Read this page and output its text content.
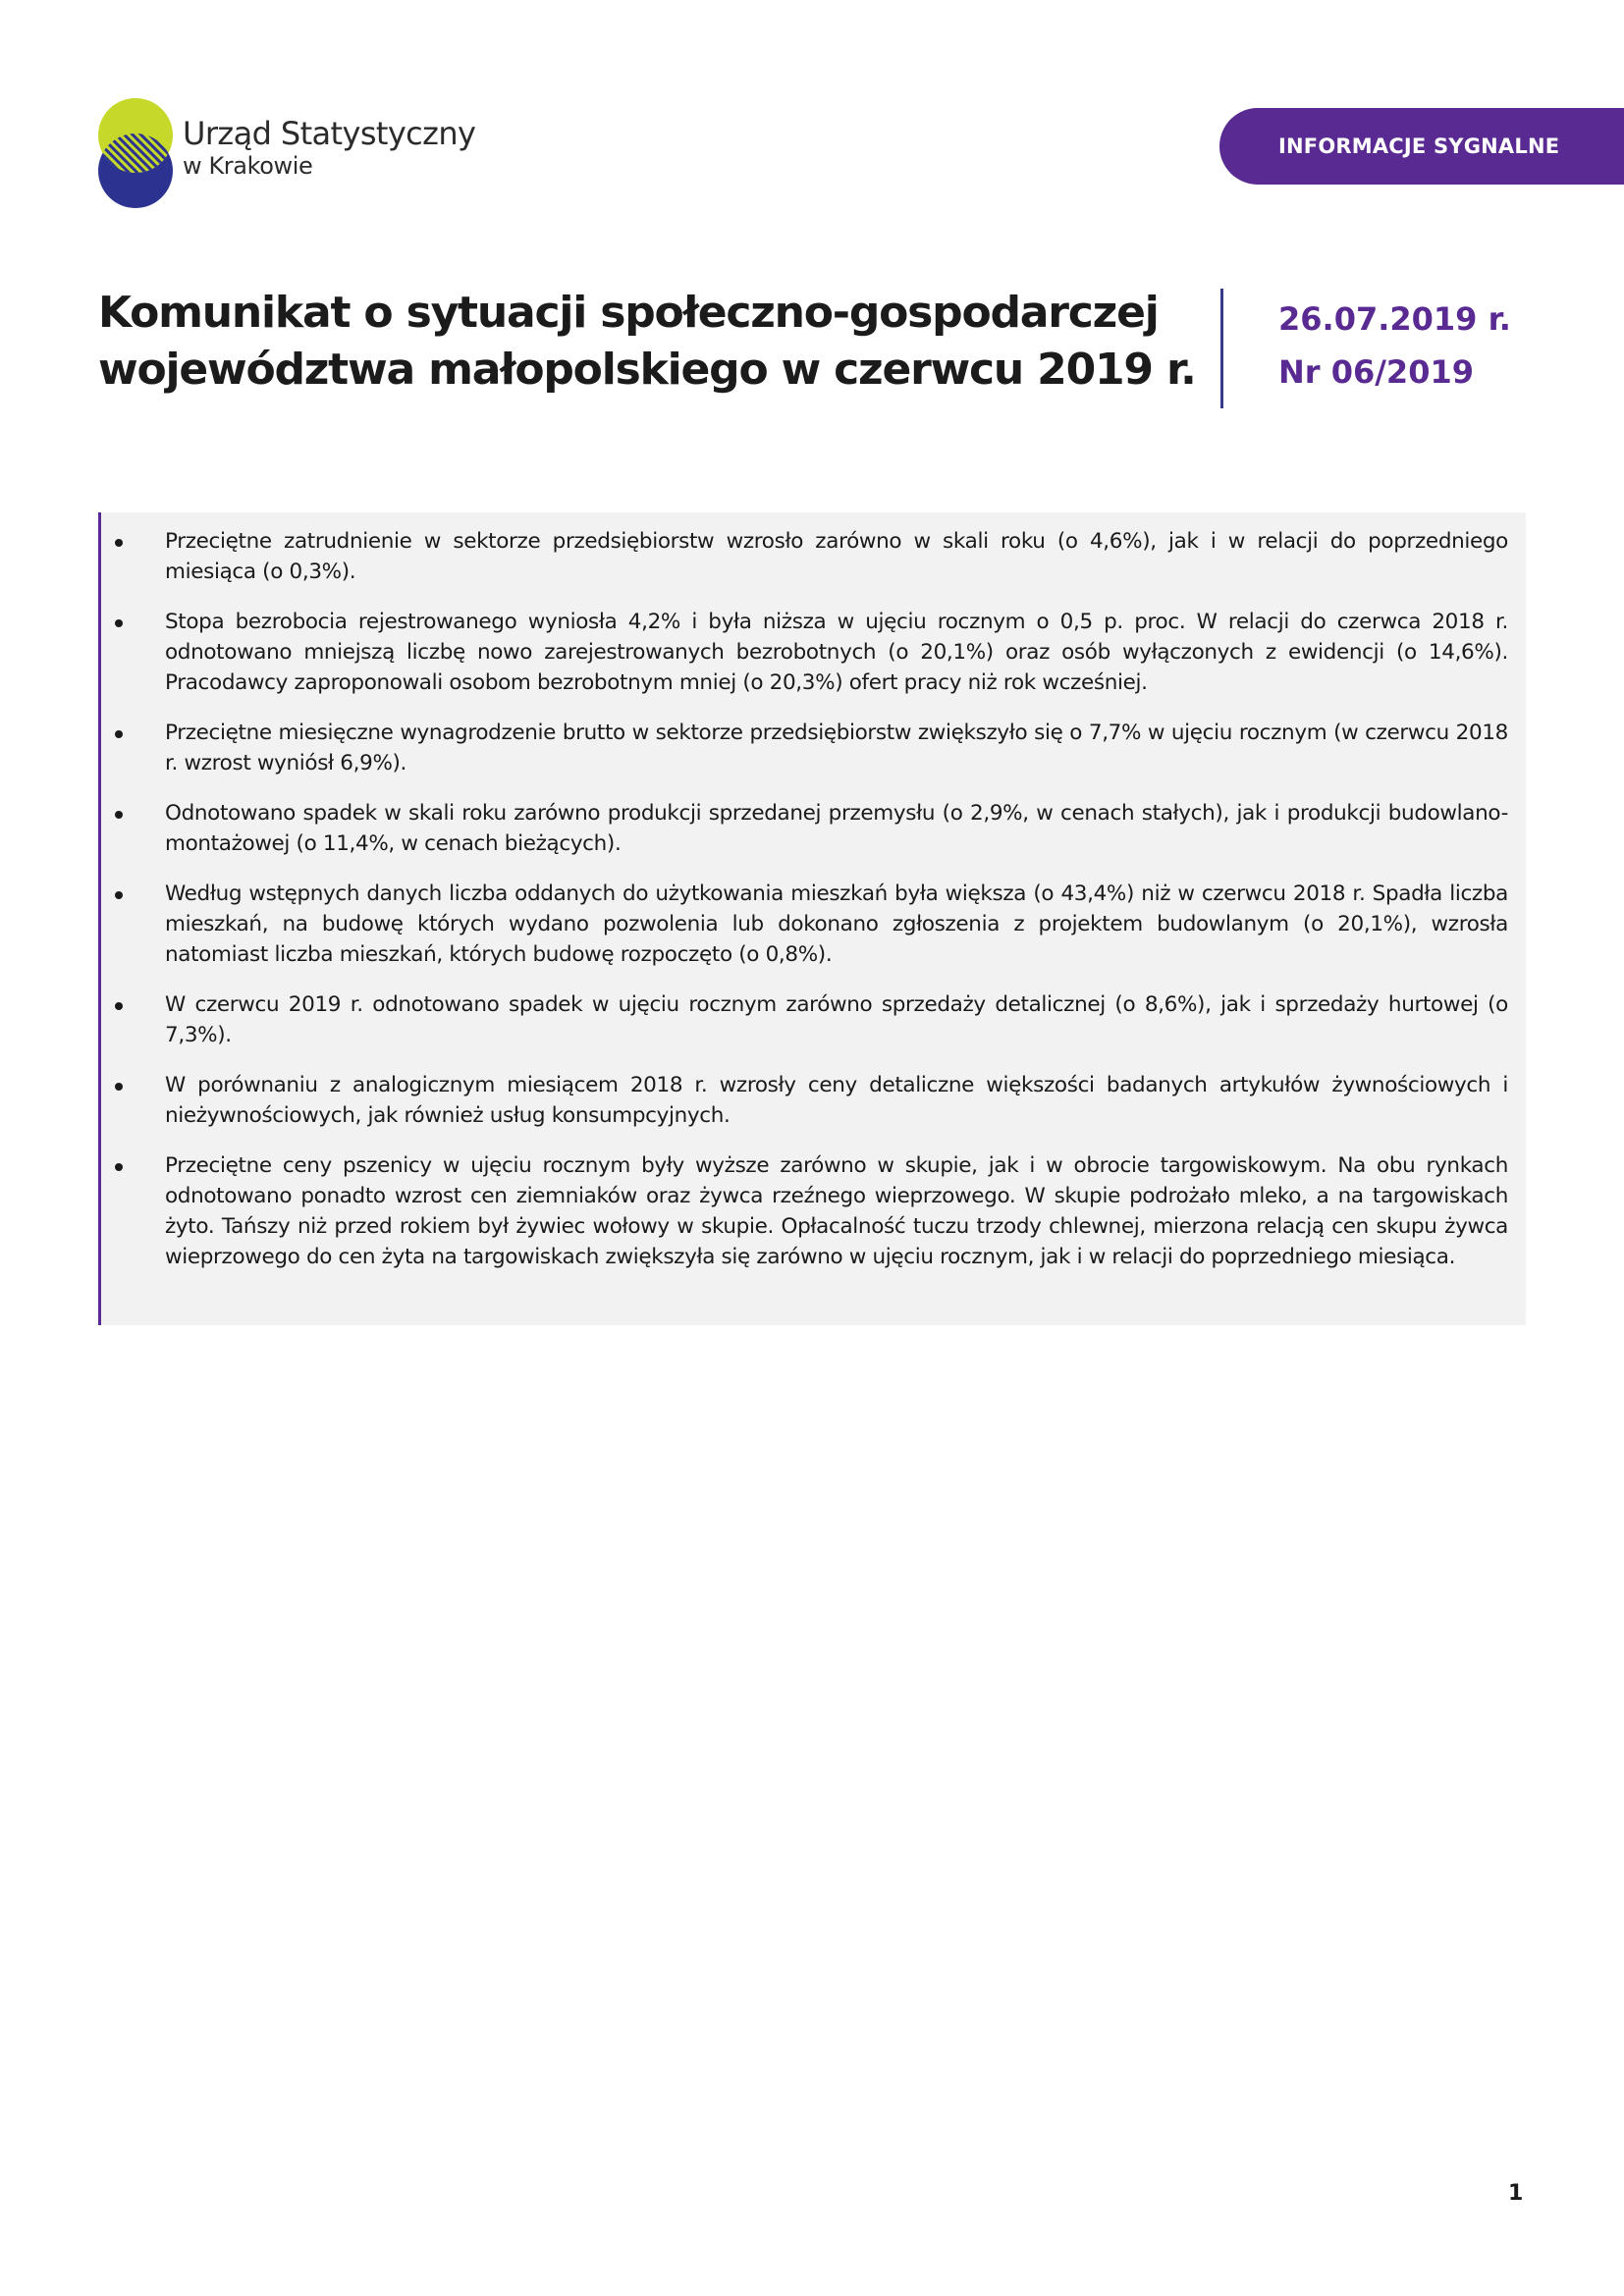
Urząd Statystyczny
w Krakowie
INFORMACJE SYGNALNE
Komunikat o sytuacji społeczno-gospodarczej
województwa małopolskiego w czerwcu 2019 r.
26.07.2019 r.
Nr 06/2019
Przeciętne zatrudnienie w sektorze przedsiębiorstw wzrosło zarówno w skali roku (o 4,6%), jak i w relacji do poprzedniego miesiąca (o 0,3%).
Stopa bezrobocia rejestrowanego wyniosła 4,2% i była niższa w ujęciu rocznym o 0,5 p. proc. W relacji do czerwca 2018 r. odnotowano mniejszą liczbę nowo zarejestrowanych bezrobotnych (o 20,1%) oraz osób wyłączonych z ewidencji (o 14,6%). Pracodawcy zaproponowali osobom bezrobotnym mniej (o 20,3%) ofert pracy niż rok wcześniej.
Przeciętne miesięczne wynagrodzenie brutto w sektorze przedsiębiorstw zwiększyło się o 7,7% w ujęciu rocznym (w czerwcu 2018 r. wzrost wyniósł 6,9%).
Odnotowano spadek w skali roku zarówno produkcji sprzedanej przemysłu (o 2,9%, w cenach stałych), jak i produkcji budowlano-montażowej (o 11,4%, w cenach bieżących).
Według wstępnych danych liczba oddanych do użytkowania mieszkań była większa (o 43,4%) niż w czerwcu 2018 r. Spadła liczba mieszkań, na budowę których wydano pozwolenia lub dokonano zgłoszenia z projektem budowlanym (o 20,1%), wzrosła natomiast liczba mieszkań, których budowę rozpoczęto (o 0,8%).
W czerwcu 2019 r. odnotowano spadek w ujęciu rocznym zarówno sprzedaży detalicznej (o 8,6%), jak i sprzedaży hurtowej (o 7,3%).
W porównaniu z analogicznym miesiącem 2018 r. wzrosły ceny detaliczne większości badanych artykułów żywnościowych i nieżywnościowych, jak również usług konsumpcyjnych.
Przeciętne ceny pszenicy w ujęciu rocznym były wyższe zarówno w skupie, jak i w obrocie targowiskowym. Na obu rynkach odnotowano ponadto wzrost cen ziemniaków oraz żywca rzeźnego wieprzowego. W skupie podrożało mleko, a na targowiskach żyto. Tańszy niż przed rokiem był żywiec wołowy w skupie. Opłacalność tuczu trzody chlewnej, mierzona relacją cen skupu żywca wieprzowego do cen żyta na targowiskach zwiększyła się zarówno w ujęciu rocznym, jak i w relacji do poprzedniego miesiąca.
1
